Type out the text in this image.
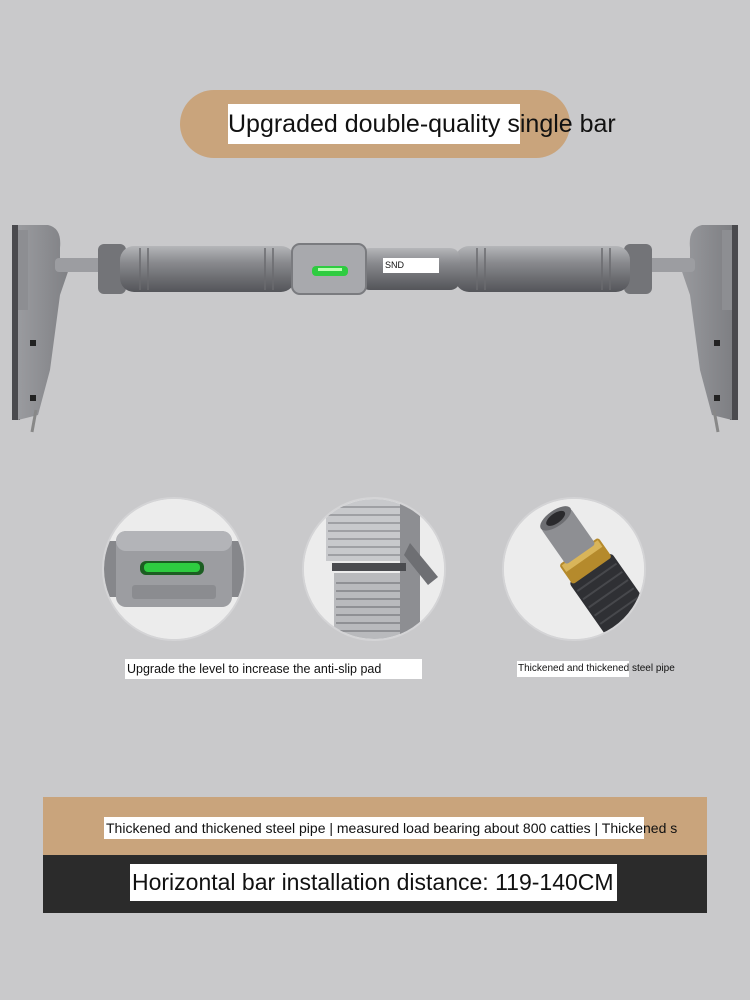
Upgraded double-quality single bar
SND
Upgrade the level to increase the anti-slip pad	Thickened and thickened steel pipe
Thickened and thickened steel pipe | measured load bearing about 800 catties | Thickened s
Horizontal bar installation distance: 119-140CM
